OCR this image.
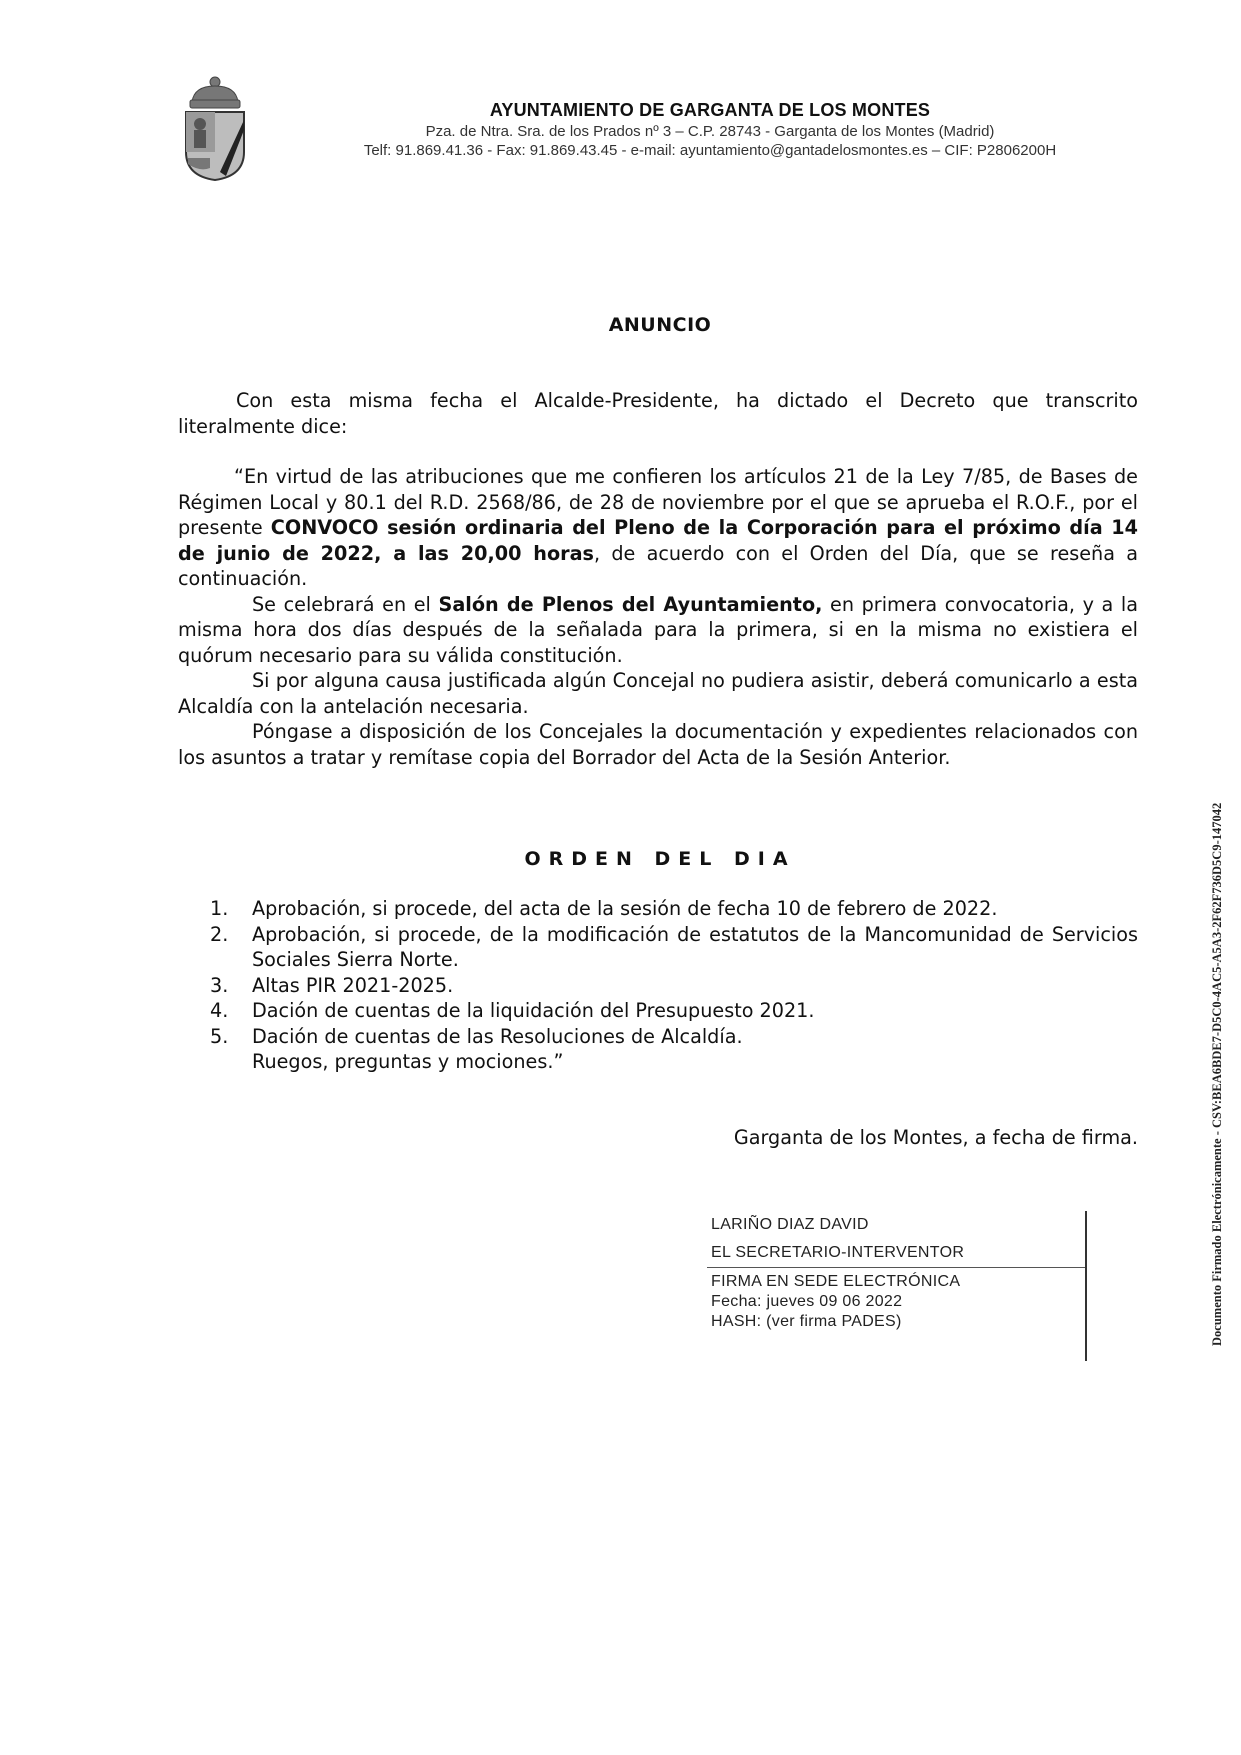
AYUNTAMIENTO DE GARGANTA DE LOS MONTES
Pza. de Ntra. Sra. de los Prados nº 3 – C.P. 28743 - Garganta de los Montes (Madrid)
Telf: 91.869.41.36 - Fax: 91.869.43.45 - e-mail: ayuntamiento@gantadelosmontes.es – CIF: P2806200H
ANUNCIO

Con esta misma fecha el Alcalde-Presidente, ha dictado el Decreto que transcrito literalmente dice:

“En virtud de las atribuciones que me confieren los artículos 21 de la Ley 7/85, de Bases de Régimen Local y 80.1 del R.D. 2568/86, de 28 de noviembre por el que se aprueba el R.O.F., por el presente CONVOCO sesión ordinaria del Pleno de la Corporación para el próximo día 14 de junio de 2022, a las 20,00 horas, de acuerdo con el Orden del Día, que se reseña a continuación.

Se celebrará en el Salón de Plenos del Ayuntamiento, en primera convocatoria, y a la misma hora dos días después de la señalada para la primera, si en la misma no existiera el quórum necesario para su válida constitución.

Si por alguna causa justificada algún Concejal no pudiera asistir, deberá comunicarlo a esta Alcaldía con la antelación necesaria.

Póngase a disposición de los Concejales la documentación y expedientes relacionados con los asuntos a tratar y remítase copia del Borrador del Acta de la Sesión Anterior.

ORDEN DEL DIA
1.	Aprobación, si procede, del acta de la sesión de fecha 10 de febrero de 2022.
2.	Aprobación, si procede, de la modificación de estatutos de la Mancomunidad de Servicios Sociales Sierra Norte.
3.	Altas PIR 2021-2025.
4.	Dación de cuentas de la liquidación del Presupuesto 2021.
5.	Dación de cuentas de las Resoluciones de Alcaldía.
Ruegos, preguntas y mociones.”
Garganta de los Montes, a fecha de firma.
LARIÑO DIAZ DAVID
EL SECRETARIO-INTERVENTOR
FIRMA EN SEDE ELECTRÓNICA
Fecha: jueves 09 06 2022
HASH: (ver firma PADES)	Documento Firmado Electrónicamente - CSV:BEA6BDE7-D5C0-4AC5-A5A3-2F62F736D5C9-147042
